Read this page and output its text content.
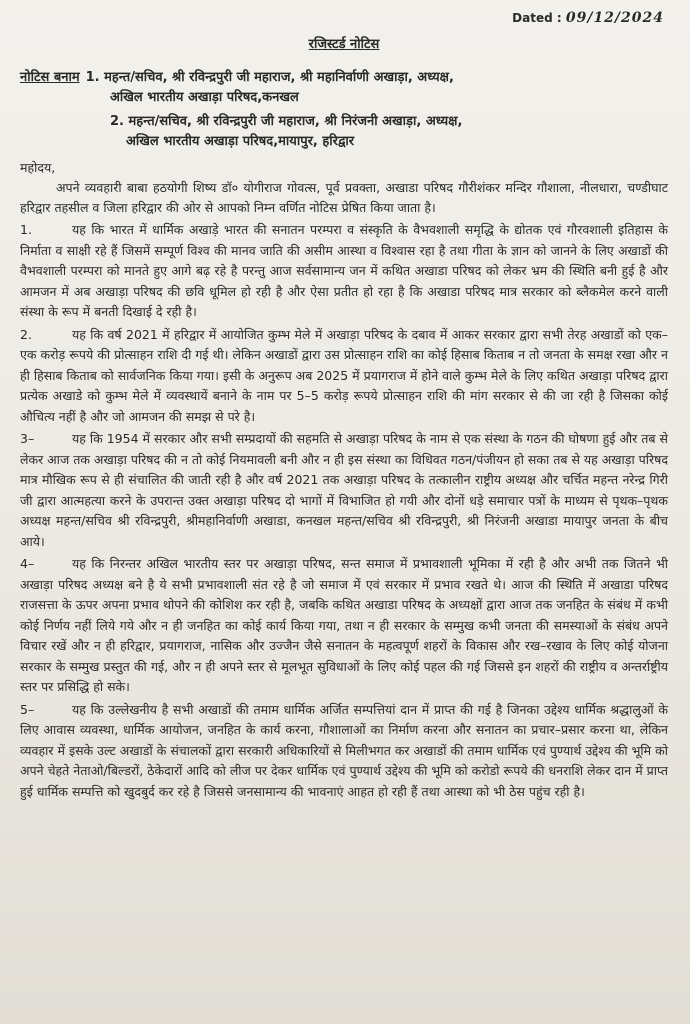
Dated : 09/12/2024
रजिस्टर्ड नोटिस
नोटिस बनाम 1. महन्त/सचिव, श्री रविन्द्रपुरी जी महाराज, श्री महानिर्वाणी अखाड़ा, अध्यक्ष,
अखिल भारतीय अखाड़ा परिषद,कनखल
2. महन्त/सचिव, श्री रविन्द्रपुरी जी महाराज, श्री निरंजनी अखाड़ा, अध्यक्ष,
अखिल भारतीय अखाड़ा परिषद,मायापुर, हरिद्वार
महोदय,

अपने व्यवहारी बाबा हठयोगी शिष्य डॉ० योगीराज गोवत्स, पूर्व प्रवक्ता, अखाडा परिषद गौरीशंकर मन्दिर गौशाला, नीलधारा, चण्डीघाट हरिद्वार तहसील व जिला हरिद्वार की ओर से आपको निम्न वर्णित नोटिस प्रेषित किया जाता है।

1.	यह कि भारत में धार्मिक अखाड़े भारत की सनातन परम्परा व संस्कृति के वैभवशाली समृद्धि के द्योतक एवं गौरवशाली इतिहास के निर्माता व साक्षी रहे हैं जिसमें सम्पूर्ण विश्व की मानव जाति की असीम आस्था व विश्वास रहा है तथा गीता के ज्ञान को जानने के लिए अखाडों की वैभवशाली परम्परा को मानते हुए आगे बढ़ रहे है परन्तु आज सर्वसामान्य जन में कथित अखाडा परिषद को लेकर भ्रम की स्थिति बनी हुई है और आमजन में अब अखाड़ा परिषद की छवि धूमिल हो रही है और ऐसा प्रतीत हो रहा है कि अखाडा परिषद मात्र सरकार को ब्लैकमेल करने वाली संस्था के रूप में बनती दिखाई दे रही है।
2.	यह कि वर्ष 2021 में हरिद्वार में आयोजित कुम्भ मेले में अखाड़ा परिषद के दबाव में आकर सरकार द्वारा सभी तेरह अखाडों को एक–एक करोड़ रूपये की प्रोत्साहन राशि दी गई थी। लेकिन अखाडों द्वारा उस प्रोत्साहन राशि का कोई हिसाब किताब न तो जनता के समक्ष रखा और न ही हिसाब किताब को सार्वजनिक किया गया। इसी के अनुरूप अब 2025 में प्रयागराज में होने वाले कुम्भ मेले के लिए कथित अखाड़ा परिषद द्वारा प्रत्येक अखाडे को कुम्भ मेले में व्यवस्थायें बनाने के नाम पर 5–5 करोड़ रूपये प्रोत्साहन राशि की मांग सरकार से की जा रही है जिसका कोई औचित्य नहीं है और जो आमजन की समझ से परे है।
3–	यह कि 1954 में सरकार और सभी सम्प्रदायों की सहमति से अखाड़ा परिषद के नाम से एक संस्था के गठन की घोषणा हुई और तब से लेकर आज तक अखाड़ा परिषद की न तो कोई नियमावली बनी और न ही इस संस्था का विधिवत गठन/पंजीयन हो सका तब से यह अखाड़ा परिषद मात्र मौखिक रूप से ही संचालित की जाती रही है और वर्ष 2021 तक अखाड़ा परिषद के तत्कालीन राष्ट्रीय अध्यक्ष और चर्चित महन्त नरेन्द्र गिरी जी द्वारा आत्महत्या करने के उपरान्त उक्त अखाड़ा परिषद दो भागों में विभाजित हो गयी और दोनों धड़े समाचार पत्रों के माध्यम से पृथक–पृथक अध्यक्ष महन्त/सचिव श्री रविन्द्रपुरी, श्रीमहानिर्वाणी अखाडा, कनखल महन्त/सचिव श्री रविन्द्रपुरी, श्री निरंजनी अखाडा मायापुर जनता के बीच आये।
4–	यह कि निरन्तर अखिल भारतीय स्तर पर अखाड़ा परिषद, सन्त समाज में प्रभावशाली भूमिका में रही है और अभी तक जितने भी अखाड़ा परिषद अध्यक्ष बने है ये सभी प्रभावशाली संत रहे है जो समाज में एवं सरकार में प्रभाव रखते थे। आज की स्थिति में अखाडा परिषद राजसत्ता के ऊपर अपना प्रभाव थोपने की कोशिश कर रही है, जबकि कथित अखाडा परिषद के अध्यक्षों द्वारा आज तक जनहित के संबंध में कभी कोई निर्णय नहीं लिये गये और न ही जनहित का कोई कार्य किया गया, तथा न ही सरकार के सम्मुख कभी जनता की समस्याओं के संबंध अपने विचार रखें और न ही हरिद्वार, प्रयागराज, नासिक और उज्जैन जैसे सनातन के महत्वपूर्ण शहरों के विकास और रख–रखाव के लिए कोई योजना सरकार के सम्मुख प्रस्तुत की गई, और न ही अपने स्तर से मूलभूत सुविधाओं के लिए कोई पहल की गई जिससे इन शहरों की राष्ट्रीय व अन्तर्राष्ट्रीय स्तर पर प्रसिद्धि हो सके।
5–	यह कि उल्लेखनीय है सभी अखाडों की तमाम धार्मिक अर्जित सम्पत्तियां दान में प्राप्त की गई है जिनका उद्देश्य धार्मिक श्रद्धालुओं के लिए आवास व्यवस्था, धार्मिक आयोजन, जनहित के कार्य करना, गौशालाओं का निर्माण करना और सनातन का प्रचार–प्रसार करना था, लेकिन व्यवहार में इसके उल्ट अखाडों के संचालकों द्वारा सरकारी अधिकारियों से मिलीभगत कर अखाडों की तमाम धार्मिक एवं पुण्यार्थ उद्देश्य की भूमि को अपने चेहते नेताओ/बिल्डरों, ठेकेदारों आदि को लीज पर देकर धार्मिक एवं पुण्यार्थ उद्देश्य की भूमि को करोडो रूपये की धनराशि लेकर दान में प्राप्त हुई धार्मिक सम्पत्ति को खुदबुर्द कर रहे है जिससे जनसामान्य की भावनाएं आहत हो रही हैं तथा आस्था को भी ठेस पहुंच रही है।
